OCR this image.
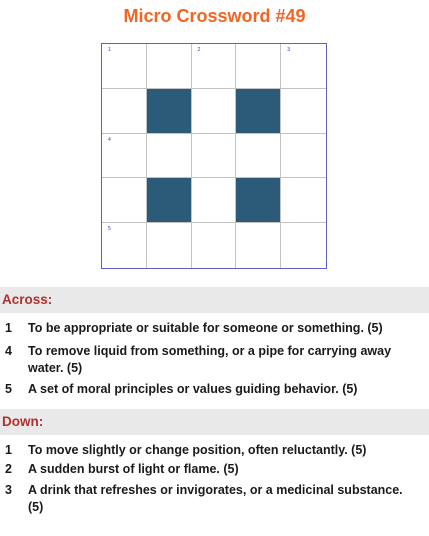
Micro Crossword #49
1	2	3
4
5
Across:
1 To be appropriate or suitable for someone or something. (5)
4 To remove liquid from something, or a pipe for carrying away water. (5)
5 A set of moral principles or values guiding behavior. (5)
Down:
1 To move slightly or change position, often reluctantly. (5)
2 A sudden burst of light or flame. (5)
3 A drink that refreshes or invigorates, or a medicinal substance. (5)
